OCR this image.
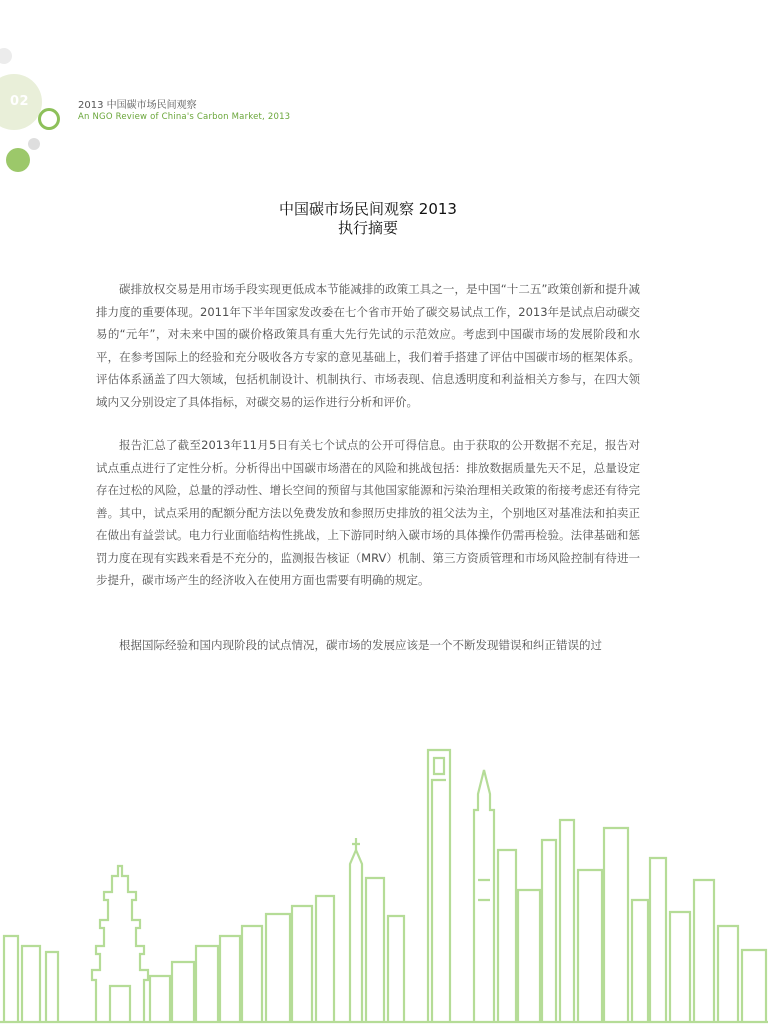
02	2013 中国碳市场民间观察
An NGO Review of China's Carbon Market, 2013
中国碳市场民间观察 2013
执行摘要

碳排放权交易是用市场手段实现更低成本节能减排的政策工具之一，是中国“十二五”政策创新和提升减排力度的重要体现。2011年下半年国家发改委在七个省市开始了碳交易试点工作，2013年是试点启动碳交易的“元年”，对未来中国的碳价格政策具有重大先行先试的示范效应。考虑到中国碳市场的发展阶段和水平，在参考国际上的经验和充分吸收各方专家的意见基础上，我们着手搭建了评估中国碳市场的框架体系。评估体系涵盖了四大领域，包括机制设计、机制执行、市场表现、信息透明度和利益相关方参与，在四大领域内又分别设定了具体指标，对碳交易的运作进行分析和评价。

报告汇总了截至2013年11月5日有关七个试点的公开可得信息。由于获取的公开数据不充足，报告对试点重点进行了定性分析。分析得出中国碳市场潜在的风险和挑战包括：排放数据质量先天不足，总量设定存在过松的风险，总量的浮动性、增长空间的预留与其他国家能源和污染治理相关政策的衔接考虑还有待完善。其中，试点采用的配额分配方法以免费发放和参照历史排放的祖父法为主，个别地区对基准法和拍卖正在做出有益尝试。电力行业面临结构性挑战，上下游同时纳入碳市场的具体操作仍需再检验。法律基础和惩罚力度在现有实践来看是不充分的，监测报告核证（MRV）机制、第三方资质管理和市场风险控制有待进一步提升，碳市场产生的经济收入在使用方面也需要有明确的规定。

根据国际经验和国内现阶段的试点情况，碳市场的发展应该是一个不断发现错误和纠正错误的过
